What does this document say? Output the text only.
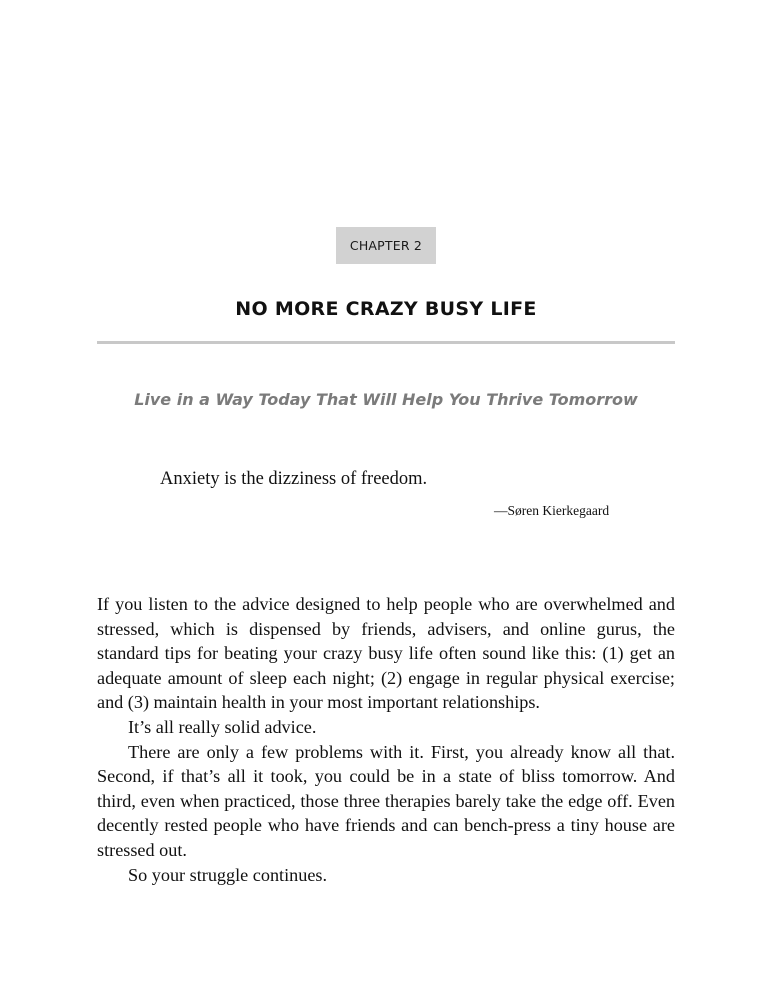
CHAPTER 2
NO MORE CRAZY BUSY LIFE
Live in a Way Today That Will Help You Thrive Tomorrow
Anxiety is the dizziness of freedom.
—Søren Kierkegaard

If you listen to the advice designed to help people who are overwhelmed and stressed, which is dispensed by friends, advisers, and online gurus, the standard tips for beating your crazy busy life often sound like this: (1) get an adequate amount of sleep each night; (2) engage in regular physical exercise; and (3) maintain health in your most important relationships.

It’s all really solid advice.

There are only a few problems with it. First, you already know all that. Second, if that’s all it took, you could be in a state of bliss tomorrow. And third, even when practiced, those three therapies barely take the edge off. Even decently rested people who have friends and can bench-press a tiny house are stressed out.

So your struggle continues.
